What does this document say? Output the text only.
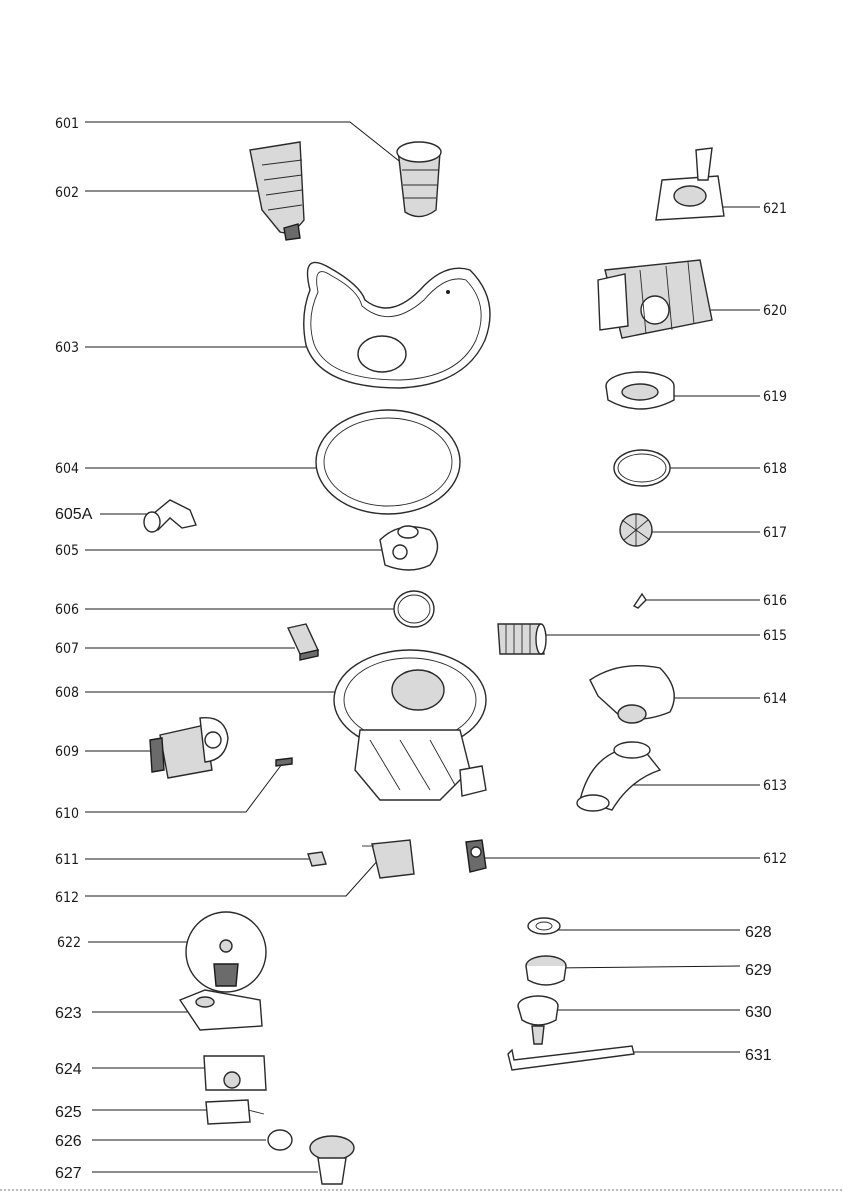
601
602
603
604
605A
605
606
607
608
609
610
611
612
622
623
624
625
626
627
621
620
619
618
617
616
615
614
613
612
628
629
630
631
